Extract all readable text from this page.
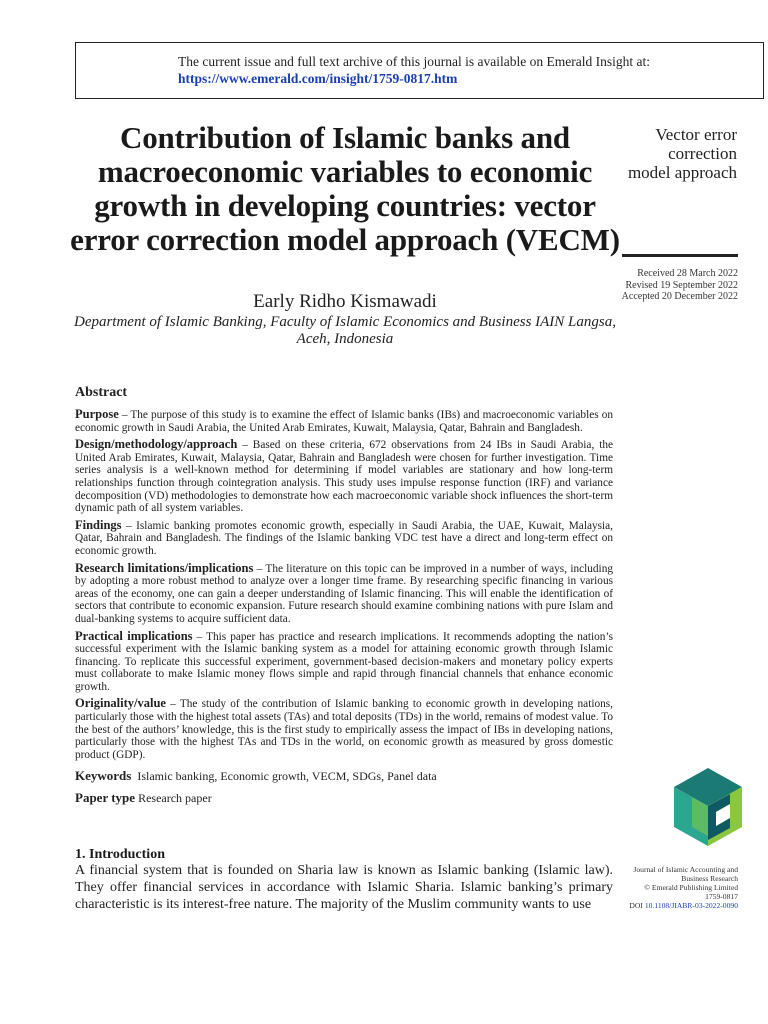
The current issue and full text archive of this journal is available on Emerald Insight at:
https://www.emerald.com/insight/1759-0817.htm
Contribution of Islamic banks and macroeconomic variables to economic growth in developing countries: vector error correction model approach (VECM)
Early Ridho Kismawadi
Department of Islamic Banking, Faculty of Islamic Economics and Business IAIN Langsa, Aceh, Indonesia
Vector error correction model approach
Received 28 March 2022
Revised 19 September 2022
Accepted 20 December 2022
Abstract

Purpose – The purpose of this study is to examine the effect of Islamic banks (IBs) and macroeconomic variables on economic growth in Saudi Arabia, the United Arab Emirates, Kuwait, Malaysia, Qatar, Bahrain and Bangladesh.

Design/methodology/approach – Based on these criteria, 672 observations from 24 IBs in Saudi Arabia, the United Arab Emirates, Kuwait, Malaysia, Qatar, Bahrain and Bangladesh were chosen for further investigation. Time series analysis is a well-known method for determining if model variables are stationary and how long-term relationships function through cointegration analysis. This study uses impulse response function (IRF) and variance decomposition (VD) methodologies to demonstrate how each macroeconomic variable shock influences the short-term dynamic path of all system variables.

Findings – Islamic banking promotes economic growth, especially in Saudi Arabia, the UAE, Kuwait, Malaysia, Qatar, Bahrain and Bangladesh. The findings of the Islamic banking VDC test have a direct and long-term effect on economic growth.

Research limitations/implications – The literature on this topic can be improved in a number of ways, including by adopting a more robust method to analyze over a longer time frame. By researching specific financing in various areas of the economy, one can gain a deeper understanding of Islamic financing. This will enable the identification of sectors that contribute to economic expansion. Future research should examine combining nations with pure Islam and dual-banking systems to acquire sufficient data.

Practical implications – This paper has practice and research implications. It recommends adopting the nation’s successful experiment with the Islamic banking system as a model for attaining economic growth through Islamic financing. To replicate this successful experiment, government-based decision-makers and monetary policy experts must collaborate to make Islamic money flows simple and rapid through financial channels that enhance economic growth.

Originality/value – The study of the contribution of Islamic banking to economic growth in developing nations, particularly those with the highest total assets (TAs) and total deposits (TDs) in the world, remains of modest value. To the best of the authors’ knowledge, this is the first study to empirically assess the impact of IBs in developing nations, particularly those with the highest TAs and TDs in the world, on economic growth as measured by gross domestic product (GDP).

Keywords Islamic banking, Economic growth, VECM, SDGs, Panel data

Paper type Research paper

1. Introduction

A financial system that is founded on Sharia law is known as Islamic banking (Islamic law). They offer financial services in accordance with Islamic Sharia. Islamic banking’s primary characteristic is its interest-free nature. The majority of the Muslim community wants to use

Journal of Islamic Accounting and Business Research
© Emerald Publishing Limited
1759-0817
DOI 10.1108/JIABR-03-2022-0090
